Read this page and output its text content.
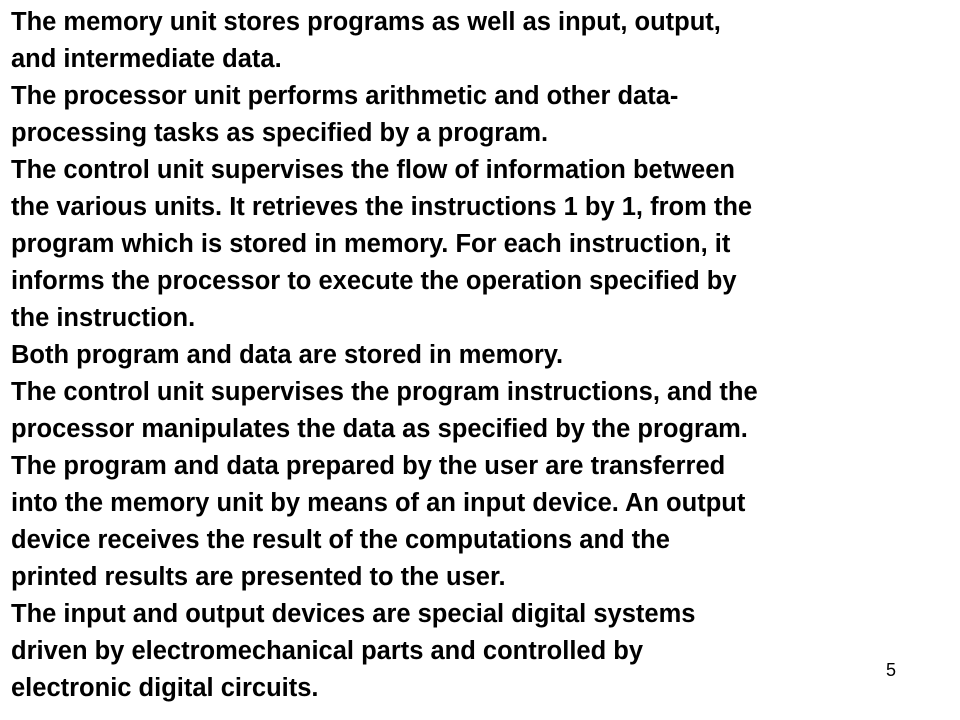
The memory unit stores programs as well as input, output,
and intermediate data.

The processor unit performs arithmetic and other data-
processing tasks as specified by a program.

The control unit supervises the flow of information between
the various units. It retrieves the instructions 1 by 1, from the
program which is stored in memory. For each instruction, it
informs the processor to execute the operation specified by
the instruction.

Both program and data are stored in memory.

The control unit supervises the program instructions, and the
processor manipulates the data as specified by the program.

The program and data prepared by the user are transferred
into the memory unit by means of an input device. An output
device receives the result of the computations and the
printed results are presented to the user.

The input and output devices are special digital systems
driven by electromechanical parts and controlled by
electronic digital circuits.

5
